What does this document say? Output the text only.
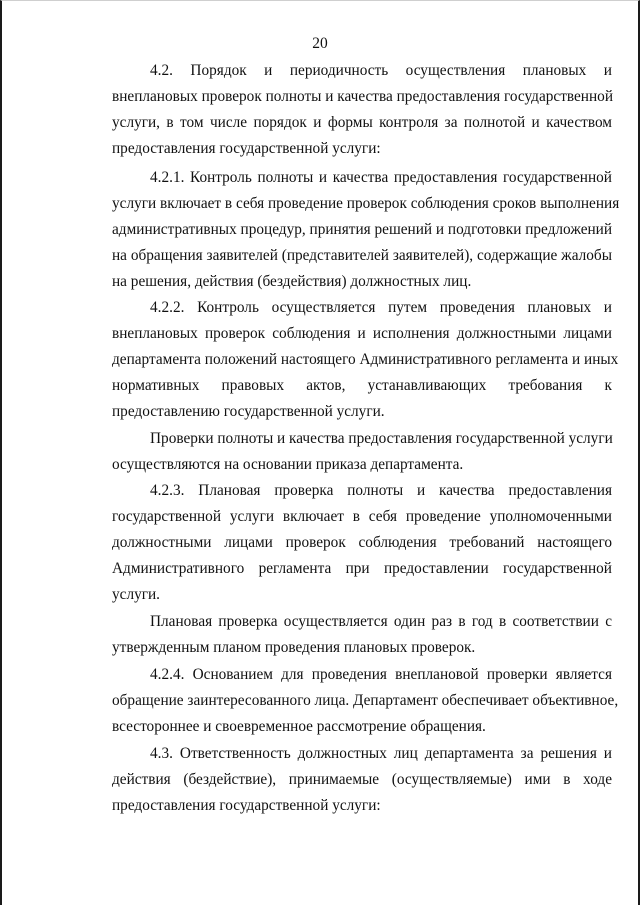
20
4.2. Порядок и периодичность осуществления плановых и
внеплановых проверок полноты и качества предоставления государственной
услуги, в том числе порядок и формы контроля за полнотой и качеством
предоставления государственной услуги:
4.2.1. Контроль полноты и качества предоставления государственной
услуги включает в себя проведение проверок соблюдения сроков выполнения
административных процедур, принятия решений и подготовки предложений
на обращения заявителей (представителей заявителей), содержащие жалобы
на решения, действия (бездействия) должностных лиц.
4.2.2. Контроль осуществляется путем проведения плановых и
внеплановых проверок соблюдения и исполнения должностными лицами
департамента положений настоящего Административного регламента и иных
нормативных правовых актов, устанавливающих требования к
предоставлению государственной услуги.
Проверки полноты и качества предоставления государственной услуги
осуществляются на основании приказа департамента.
4.2.3. Плановая проверка полноты и качества предоставления
государственной услуги включает в себя проведение уполномоченными
должностными лицами проверок соблюдения требований настоящего
Административного регламента при предоставлении государственной
услуги.
Плановая проверка осуществляется один раз в год в соответствии с
утвержденным планом проведения плановых проверок.
4.2.4. Основанием для проведения внеплановой проверки является
обращение заинтересованного лица. Департамент обеспечивает объективное,
всестороннее и своевременное рассмотрение обращения.
4.3. Ответственность должностных лиц департамента за решения и
действия (бездействие), принимаемые (осуществляемые) ими в ходе
предоставления государственной услуги:
